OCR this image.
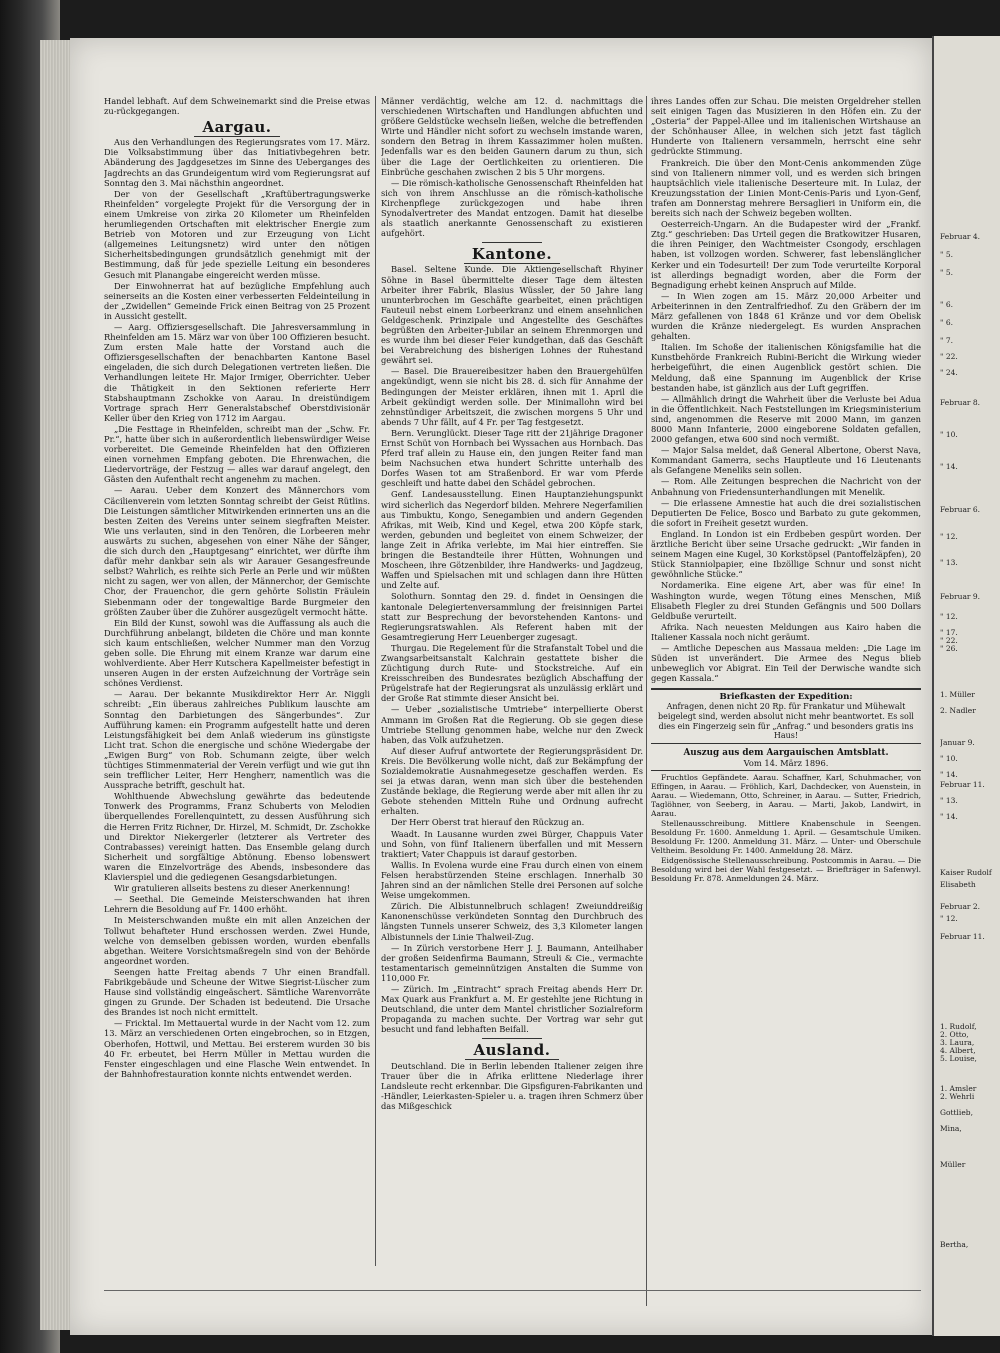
Handel lebhaft. Auf dem Schweinemarkt sind die Preise etwas zu-rückgegangen.

Aargau.

Aus den Verhandlungen des Regierungsrates vom 17. März. Die Volksabstimmung über das Initiativbegehren betr. Abänderung des Jagdgesetzes im Sinne des Ueberganges des Jagdrechts an das Grundeigentum wird vom Regierungsrat auf Sonntag den 3. Mai nächsthin angeordnet.

Der von der Gesellschaft „Kraftübertragungswerke Rheinfelden“ vorgelegte Projekt für die Versorgung der in einem Umkreise von zirka 20 Kilometer um Rheinfelden herumliegenden Ortschaften mit elektrischer Energie zum Betrieb von Motoren und zur Erzeugung von Licht (allgemeines Leitungsnetz) wird unter den nötigen Sicherheitsbedingungen grundsätzlich genehmigt mit der Bestimmung, daß für jede spezielle Leitung ein besonderes Gesuch mit Planangabe eingereicht werden müsse.

Der Einwohnerrat hat auf bezügliche Empfehlung auch seinerseits an die Kosten einer verbesserten Feldeinteilung in der „Zwidellen“ Gemeinde Frick einen Beitrag von 25 Prozent in Aussicht gestellt.

— Aarg. Offiziersgesellschaft. Die Jahresversammlung in Rheinfelden am 15. März war von über 100 Offizieren besucht. Zum ersten Male hatte der Vorstand auch die Offiziersgesellschaften der benachbarten Kantone Basel eingeladen, die sich durch Delegationen vertreten ließen. Die Verhandlungen leitete Hr. Major Irmiger, Oberrichter. Ueber die Thätigkeit in den Sektionen referierte Herr Stabshauptmann Zschokke von Aarau. In dreistündigem Vortrage sprach Herr Generalstabschef Oberstdivisionär Keller über den Krieg von 1712 im Aargau.

„Die Festtage in Rheinfelden, schreibt man der „Schw. Fr. Pr.“, hatte über sich in außerordentlich liebenswürdiger Weise vorbereitet. Die Gemeinde Rheinfelden hat den Offizieren einen vornehmen Empfang geboten. Die Ehrenwachen, die Liedervorträge, der Festzug — alles war darauf angelegt, den Gästen den Aufenthalt recht angenehm zu machen.

— Aarau. Ueber dem Konzert des Männerchors vom Cäcilienverein vom letzten Sonntag schreibt der Geist Rütlins. Die Leistungen sämtlicher Mitwirkenden erinnerten uns an die besten Zeiten des Vereins unter seinem siegfraften Meister. Wie uns verlauten, sind in den Tenören, die Lorbeeren mehr auswärts zu suchen, abgesehen von einer Nähe der Sänger, die sich durch den „Hauptgesang“ einrichtet, wer dürfte ihm dafür mehr dankbar sein als wir Aarauer Gesangesfreunde selbst? Wahrlich, es reihte sich Perle an Perle und wir müßten nicht zu sagen, wer von allen, der Männerchor, der Gemischte Chor, der Frauenchor, die gern gehörte Solistin Fräulein Siebenmann oder der tongewaltige Barde Burgmeier den größten Zauber über die Zuhörer ausgezügelt vermocht hätte.

Ein Bild der Kunst, sowohl was die Auffassung als auch die Durchführung anbelangt, bildeten die Chöre und man konnte sich kaum entschließen, welcher Nummer man den Vorzug geben solle. Die Ehrung mit einem Kranze war darum eine wohlverdiente. Aber Herr Kutschera Kapellmeister befestigt in unseren Augen in der ersten Aufzeichnung der Vorträge sein schönes Verdienst.

— Aarau. Der bekannte Musikdirektor Herr Ar. Niggli schreibt: „Ein überaus zahlreiches Publikum lauschte am Sonntag den Darbietungen des Sängerbundes“. Zur Aufführung kamen: ein Programm aufgestellt hatte und deren Leistungsfähigkeit bei dem Anlaß wiederum ins günstigste Licht trat. Schon die energische und schöne Wiedergabe der „Ewigen Burg“ von Rob. Schumann zeigte, über welch tüchtiges Stimmenmaterial der Verein verfügt und wie gut ihn sein trefflicher Leiter, Herr Hengherr, namentlich was die Aussprache betrifft, geschult hat.

Wohlthuende Abwechslung gewährte das bedeutende Tonwerk des Programms, Franz Schuberts von Melodien überquellendes Forellenquintett, zu dessen Ausführung sich die Herren Fritz Richner, Dr. Hirzel, M. Schmidt, Dr. Zschokke und Direktor Niekergerler (letzterer als Vertreter des Contrabasses) vereinigt hatten. Das Ensemble gelang durch Sicherheit und sorgfältige Abtönung. Ebenso lobenswert waren die Einzelvorträge des Abends, insbesondere das Klavierspiel und die gediegenen Gesangsdarbietungen.

Wir gratulieren allseits bestens zu dieser Anerkennung!

— Seethal. Die Gemeinde Meisterschwanden hat ihren Lehrern die Besoldung auf Fr. 1400 erhöht.

In Meisterschwanden mußte ein mit allen Anzeichen der Tollwut behafteter Hund erschossen werden. Zwei Hunde, welche von demselben gebissen worden, wurden ebenfalls abgethan. Weitere Vorsichtsmaßregeln sind von der Behörde angeordnet worden.

Seengen hatte Freitag abends 7 Uhr einen Brandfall. Fabrikgebäude und Scheune der Witwe Siegrist-Lüscher zum Hause sind vollständig eingeäschert. Sämtliche Warenvorräte gingen zu Grunde. Der Schaden ist bedeutend. Die Ursache des Brandes ist noch nicht ermittelt.

— Fricktal. Im Mettauertal wurde in der Nacht vom 12. zum 13. März an verschiedenen Orten eingebrochen, so in Etzgen, Oberhofen, Hottwil, und Mettau. Bei ersterem wurden 30 bis 40 Fr. erbeutet, bei Herrn Müller in Mettau wurden die Fenster eingeschlagen und eine Flasche Wein entwendet. In der Bahnhofrestauration konnte nichts entwendet werden.

Männer verdächtig, welche am 12. d. nachmittags die verschiedenen Wirtschaften und Handlungen abfuchten und größere Geldstücke wechseln ließen, welche die betreffenden Wirte und Händler nicht sofort zu wechseln imstande waren, sondern den Betrag in ihrem Kassazimmer holen mußten. Jedenfalls war es den beiden Gaunern darum zu thun, sich über die Lage der Oertlichkeiten zu orientieren. Die Einbrüche geschahen zwischen 2 bis 5 Uhr morgens.

— Die römisch-katholische Genossenschaft Rheinfelden hat sich von ihrem Anschlusse an die römisch-katholische Kirchenpflege zurückgezogen und habe ihren Synodalvertreter des Mandat entzogen. Damit hat dieselbe als staatlich anerkannte Genossenschaft zu existieren aufgehört.

Kantone.

Basel. Seltene Kunde. Die Aktiengesellschaft Rhyiner Söhne in Basel übermittelte dieser Tage dem ältesten Arbeiter ihrer Fabrik, Blasius Wüssler, der 50 Jahre lang ununterbrochen im Geschäfte gearbeitet, einen prächtigen Fauteuil nebst einem Lorbeerkranz und einem ansehnlichen Geldgeschenk. Prinzipale und Angestellte des Geschäftes begrüßten den Arbeiter-Jubilar an seinem Ehrenmorgen und es wurde ihm bei dieser Feier kundgethan, daß das Geschäft bei Verabreichung des bisherigen Lohnes der Ruhestand gewährt sei.

— Basel. Die Brauereibesitzer haben den Brauergehülfen angekündigt, wenn sie nicht bis 28. d. sich für Annahme der Bedingungen der Meister erklären, ihnen mit 1. April die Arbeit gekündigt werden solle. Der Minimallohn wird bei zehnstündiger Arbeitszeit, die zwischen morgens 5 Uhr und abends 7 Uhr fällt, auf 4 Fr. per Tag festgesetzt.

Bern. Verunglückt. Dieser Tage ritt der 21jährige Dragoner Ernst Schüt von Hornbach bei Wyssachen aus Hornbach. Das Pferd traf allein zu Hause ein, den jungen Reiter fand man beim Nachsuchen etwa hundert Schritte unterhalb des Dorfes Wasen tot am Straßenbord. Er war vom Pferde geschleift und hatte dabei den Schädel gebrochen.

Genf. Landesausstellung. Einen Hauptanziehungspunkt wird sicherlich das Negerdorf bilden. Mehrere Negerfamilien aus Timbuktu, Kongo, Senegambien und andern Gegenden Afrikas, mit Weib, Kind und Kegel, etwa 200 Köpfe stark, werden, gebunden und begleitet von einem Schweizer, der lange Zeit in Afrika verlebte, im Mai hier eintreffen. Sie bringen die Bestandteile ihrer Hütten, Wohnungen und Moscheen, ihre Götzenbilder, ihre Handwerks- und Jagdzeug, Waffen und Spielsachen mit und schlagen dann ihre Hütten und Zelte auf.

Solothurn. Sonntag den 29. d. findet in Oensingen die kantonale Delegiertenversammlung der freisinnigen Partei statt zur Besprechung der bevorstehenden Kantons- und Regierungsratswahlen. Als Referent haben mit der Gesamtregierung Herr Leuenberger zugesagt.

Thurgau. Die Regelement für die Strafanstalt Tobel und die Zwangsarbeitsanstalt Kalchrain gestattete bisher die Züchtigung durch Rute- und Stockstreiche. Auf ein Kreisschreiben des Bundesrates bezüglich Abschaffung der Prügelstrafe hat der Regierungsrat als unzulässig erklärt und der Große Rat stimmte dieser Ansicht bei.

— Ueber „sozialistische Umtriebe“ interpellierte Oberst Ammann im Großen Rat die Regierung. Ob sie gegen diese Umtriebe Stellung genommen habe, welche nur den Zweck haben, das Volk aufzuhetzen.

Auf dieser Aufruf antwortete der Regierungspräsident Dr. Kreis. Die Bevölkerung wolle nicht, daß zur Bekämpfung der Sozialdemokratie Ausnahmegesetze geschaffen werden. Es sei ja etwas daran, wenn man sich über die bestehenden Zustände beklage, die Regierung werde aber mit allen ihr zu Gebote stehenden Mitteln Ruhe und Ordnung aufrecht erhalten.

Der Herr Oberst trat hierauf den Rückzug an.

Waadt. In Lausanne wurden zwei Bürger, Chappuis Vater und Sohn, von fünf Italienern überfallen und mit Messern traktiert; Vater Chappuis ist darauf gestorben.

Wallis. In Evolena wurde eine Frau durch einen von einem Felsen herabstürzenden Steine erschlagen. Innerhalb 30 Jahren sind an der nämlichen Stelle drei Personen auf solche Weise umgekommen.

Zürich. Die Albistunnelbruch schlagen! Zweiunddreißig Kanonenschüsse verkündeten Sonntag den Durchbruch des längsten Tunnels unserer Schweiz, des 3,3 Kilometer langen Albistunnels der Linie Thalweil-Zug.

— In Zürich verstorbene Herr J. J. Baumann, Anteilhaber der großen Seidenfirma Baumann, Streuli & Cie., vermachte testamentarisch gemeinnützigen Anstalten die Summe von 110,000 Fr.

— Zürich. Im „Eintracht“ sprach Freitag abends Herr Dr. Max Quark aus Frankfurt a. M. Er gestehlte jene Richtung in Deutschland, die unter dem Mantel christlicher Sozialreform Propaganda zu machen suchte. Der Vortrag war sehr gut besucht und fand lebhaften Beifall.

Ausland.

Deutschland. Die in Berlin lebenden Italiener zeigen ihre Trauer über die in Afrika erlittene Niederlage ihrer Landsleute recht erkennbar. Die Gipsfiguren-Fabrikanten und -Händler, Leierkasten-Spieler u. a. tragen ihren Schmerz über das Mißgeschick

ihres Landes offen zur Schau. Die meisten Orgeldreher stellen seit einigen Tagen das Musizieren in den Höfen ein. Zu der „Osteria“ der Pappel-Allee und im italienischen Wirtshause an der Schönhauser Allee, in welchen sich jetzt fast täglich Hunderte von Italienern versammeln, herrscht eine sehr gedrückte Stimmung.

Frankreich. Die über den Mont-Cenis ankommenden Züge sind von Italienern nimmer voll, und es werden sich bringen hauptsächlich viele italienische Deserteure mit. In Lulaz, der Kreuzungsstation der Linien Mont-Cenis-Paris und Lyon-Genf, trafen am Donnerstag mehrere Bersaglieri in Uniform ein, die bereits sich nach der Schweiz begeben wollten.

Oesterreich-Ungarn. An die Budapester wird der „Frankf. Ztg.“ geschrieben: Das Urteil gegen die Bratkowitzer Husaren, die ihren Peiniger, den Wachtmeister Csongody, erschlagen haben, ist vollzogen worden. Schwerer, fast lebenslänglicher Kerker und ein Todesurteil! Der zum Tode verurteilte Korporal ist allerdings begnadigt worden, aber die Form der Begnadigung erhebt keinen Anspruch auf Milde.

— In Wien zogen am 15. März 20,000 Arbeiter und Arbeiterinnen in den Zentralfriedhof. Zu den Gräbern der im März gefallenen von 1848 61 Kränze und vor dem Obelisk wurden die Kränze niedergelegt. Es wurden Ansprachen gehalten.

Italien. Im Schoße der italienischen Königsfamilie hat die Kunstbehörde Frankreich Rubini-Bericht die Wirkung wieder herbeigeführt, die einen Augenblick gestört schien. Die Meldung, daß eine Spannung im Augenblick der Krise bestanden habe, ist gänzlich aus der Luft gegriffen.

— Allmählich dringt die Wahrheit über die Verluste bei Adua in die Öffentlichkeit. Nach Feststellungen im Kriegsministerium sind, angenommen die Reserve mit 2000 Mann, im ganzen 8000 Mann Infanterie, 2000 eingeborene Soldaten gefallen, 2000 gefangen, etwa 600 sind noch vermißt.

— Major Salsa meldet, daß General Albertone, Oberst Nava, Kommandant Gamerra, sechs Hauptleute und 16 Lieutenants als Gefangene Meneliks sein sollen.

— Rom. Alle Zeitungen besprechen die Nachricht von der Anbahnung von Friedensunterhandlungen mit Menelik.

— Die erlassene Amnestie hat auch die drei sozialistischen Deputierten De Felice, Bosco und Barbato zu gute gekommen, die sofort in Freiheit gesetzt wurden.

England. In London ist ein Erdbeben gespürt worden. Der ärztliche Bericht über seine Ursache gedruckt: „Wir fanden in seinem Magen eine Kugel, 30 Korkstöpsel (Pantoffelzäpfen), 20 Stück Stanniolpapier, eine Ibzöllige Schnur und sonst nicht gewöhnliche Stücke.“

Nordamerika. Eine eigene Art, aber was für eine! In Washington wurde, wegen Tötung eines Menschen, Miß Elisabeth Flegler zu drei Stunden Gefängnis und 500 Dollars Geldbuße verurteilt.

Afrika. Nach neuesten Meldungen aus Kairo haben die Italiener Kassala noch nicht geräumt.

— Amtliche Depeschen aus Massaua melden: „Die Lage im Süden ist unverändert. Die Armee des Negus blieb unbeweglich vor Abigrat. Ein Teil der Derwische wandte sich gegen Kassala.“

Briefkasten der Expedition:
Anfragen, denen nicht 20 Rp. für Frankatur und Mühewalt beigelegt sind, werden absolut nicht mehr beantwortet. Es soll dies ein Fingerzeig sein für „Anfrag.“ und besonders gratis ins Haus!
Auszug aus dem Aargauischen Amtsblatt.
Vom 14. März 1896.

Fruchtlos Gepfändete. Aarau. Schaffner, Karl, Schuhmacher, von Effingen, in Aarau. — Fröhlich, Karl, Dachdecker, von Auenstein, in Aarau. — Wiedemann, Otto, Schreiner, in Aarau. — Sutter, Friedrich, Taglöhner, von Seeberg, in Aarau. — Marti, Jakob, Landwirt, in Aarau.

Stellenausschreibung. Mittlere Knabenschule in Seengen. Besoldung Fr. 1600. Anmeldung 1. April. — Gesamtschule Umiken. Besoldung Fr. 1200. Anmeldung 31. März. — Unter- und Oberschule Veltheim. Besoldung Fr. 1400. Anmeldung 28. März.

Eidgenössische Stellenausschreibung. Postcommis in Aarau. — Die Besoldung wird bei der Wahl festgesetzt. — Briefträger in Safenwyl. Besoldung Fr. 878. Anmeldungen 24. März.

Februar 4.
" 5.
" 5.
" 6.
" 6.
" 7.
" 22.
" 24.
Februar 8.
" 10.
" 14.
Februar 6.
" 12.
" 13.
Februar 9.
" 12.
" 17.
" 22.
" 26.
1. Müller
2. Nadler
Januar 9.
" 10.
" 14.
Februar 11.
" 13.
" 14.
Kaiser Rudolf
Elisabeth
Februar 2.
" 12.
Februar 11.
1. Rudolf,
2. Otto,
3. Laura,
4. Albert,
5. Louise,
1. Amsler
2. Wehrli
Gottlieb,
Mina,
Müller
Bertha,
